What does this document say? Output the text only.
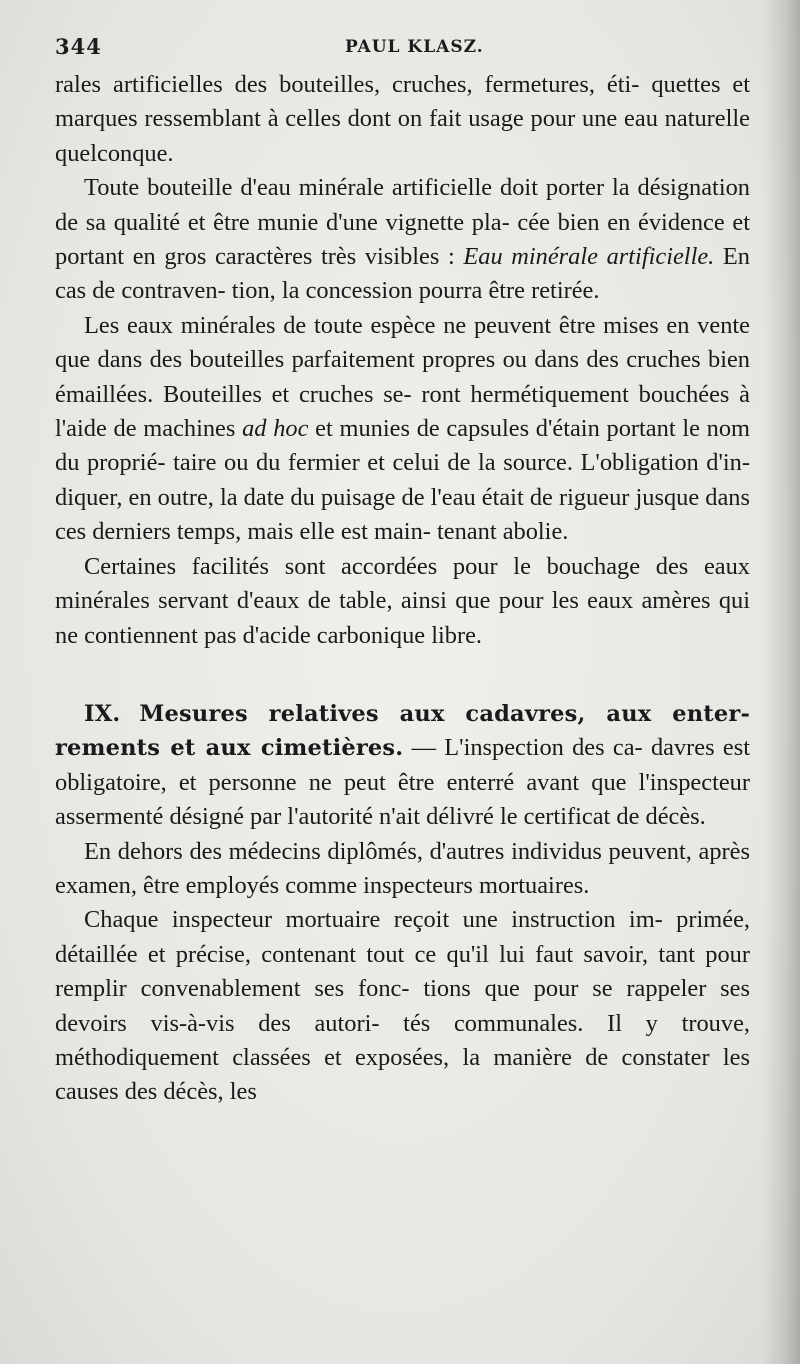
344	PAUL KLASZ.

rales artificielles des bouteilles, cruches, fermetures, éti- quettes et marques ressemblant à celles dont on fait usage pour une eau naturelle quelconque.

Toute bouteille d'eau minérale artificielle doit porter la désignation de sa qualité et être munie d'une vignette pla- cée bien en évidence et portant en gros caractères très visibles : Eau minérale artificielle. En cas de contraven- tion, la concession pourra être retirée.

Les eaux minérales de toute espèce ne peuvent être mises en vente que dans des bouteilles parfaitement propres ou dans des cruches bien émaillées. Bouteilles et cruches se- ront hermétiquement bouchées à l'aide de machines ad hoc et munies de capsules d'étain portant le nom du proprié- taire ou du fermier et celui de la source. L'obligation d'in- diquer, en outre, la date du puisage de l'eau était de rigueur jusque dans ces derniers temps, mais elle est main- tenant abolie.

Certaines facilités sont accordées pour le bouchage des eaux minérales servant d'eaux de table, ainsi que pour les eaux amères qui ne contiennent pas d'acide carbonique libre.

IX. Mesures relatives aux cadavres, aux enter- rements et aux cimetières. — L'inspection des ca- davres est obligatoire, et personne ne peut être enterré avant que l'inspecteur assermenté désigné par l'autorité n'ait délivré le certificat de décès.

En dehors des médecins diplômés, d'autres individus peuvent, après examen, être employés comme inspecteurs mortuaires.

Chaque inspecteur mortuaire reçoit une instruction im- primée, détaillée et précise, contenant tout ce qu'il lui faut savoir, tant pour remplir convenablement ses fonc- tions que pour se rappeler ses devoirs vis-à-vis des autori- tés communales. Il y trouve, méthodiquement classées et exposées, la manière de constater les causes des décès, les
